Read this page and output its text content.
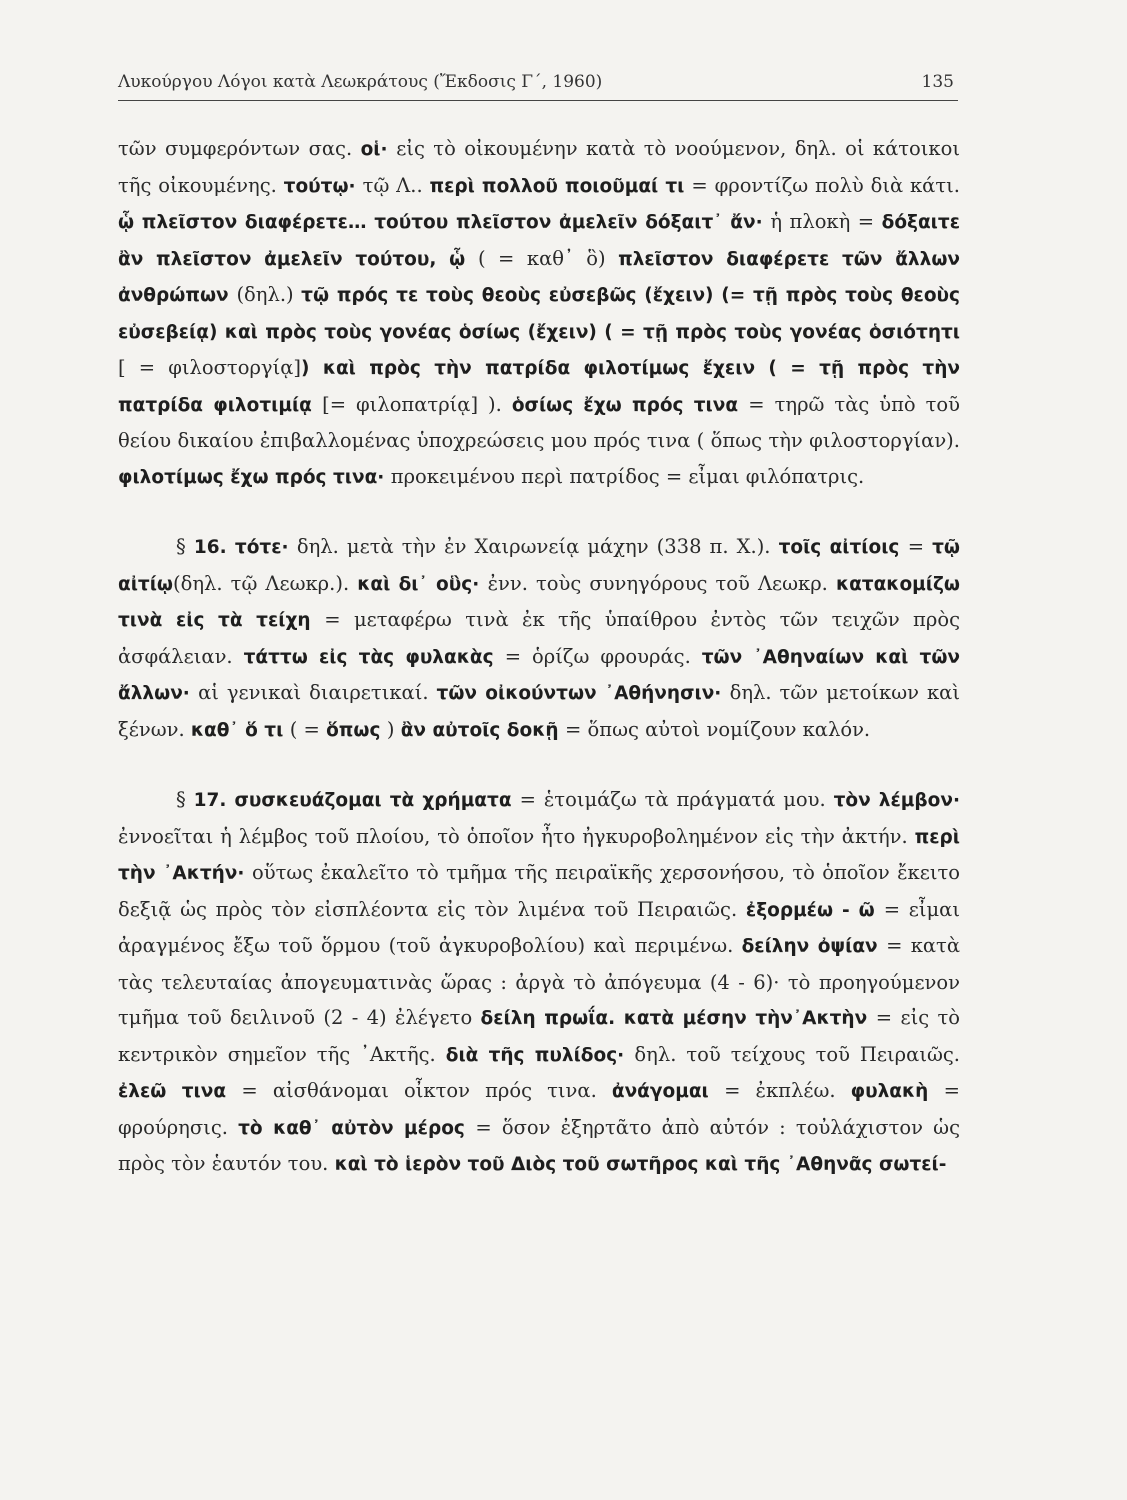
Λυκούργου Λόγοι κατὰ Λεωκράτους (Ἔκδοσις Γ΄, 1960)	135

τῶν συμφερόντων σας. οἱ· εἰς τὸ οἰκουμένην κατὰ τὸ νοούμενον, δηλ. οἱ κάτοικοι τῆς οἰκουμένης. τούτῳ· τῷ Λ.. περὶ πολλοῦ ποιοῦμαί τι = φροντίζω πολὺ διὰ κάτι. ᾧ πλεῖστον διαφέρετε… τούτου πλεῖστον ἀμελεῖν δόξαιτ᾽ ἄν· ἡ πλοκὴ = δόξαιτε ἂν πλεῖστον ἀμελεῖν τούτου, ᾧ ( = καθ᾽ ὃ) πλεῖστον διαφέρετε τῶν ἄλλων ἀνθρώπων (δηλ.) τῷ πρός τε τοὺς θεοὺς εὐσεβῶς (ἔχειν) (= τῇ πρὸς τοὺς θεοὺς εὐσεβείᾳ) καὶ πρὸς τοὺς γονέας ὁσίως (ἔχειν) ( = τῇ πρὸς τοὺς γονέας ὁσιότητι [ = φιλοστοργίᾳ]) καὶ πρὸς τὴν πατρίδα φιλοτίμως ἔχειν ( = τῇ πρὸς τὴν πατρίδα φιλοτιμίᾳ [= φιλοπατρίᾳ] ). ὁσίως ἔχω πρός τινα = τηρῶ τὰς ὑπὸ τοῦ θείου δικαίου ἐπιβαλλομένας ὑποχρεώσεις μου πρός τινα ( ὅπως τὴν φιλοστοργίαν). φιλοτίμως ἔχω πρός τινα· προκειμένου περὶ πατρίδος = εἶμαι φιλόπατρις.

§ 16. τότε· δηλ. μετὰ τὴν ἐν Χαιρωνείᾳ μάχην (338 π. Χ.). τοῖς αἰτίοις = τῷ αἰτίῳ(δηλ. τῷ Λεωκρ.). καὶ δι᾽ οὓς· ἐνν. τοὺς συνηγόρους τοῦ Λεωκρ. κατακομίζω τινὰ εἰς τὰ τείχη = μεταφέρω τινὰ ἐκ τῆς ὑπαίθρου ἐντὸς τῶν τειχῶν πρὸς ἀσφάλειαν. τάττω εἰς τὰς φυλακὰς = ὁρίζω φρουράς. τῶν ᾽Αθηναίων καὶ τῶν ἄλλων· αἱ γενικαὶ διαιρετικαί. τῶν οἰκούντων ᾽Αθήνησιν· δηλ. τῶν μετοίκων καὶ ξένων. καθ᾽ ὅ τι ( = ὅπως ) ἂν αὐτοῖς δοκῇ = ὅπως αὐτοὶ νομίζουν καλόν.

§ 17. συσκευάζομαι τὰ χρήματα = ἑτοιμάζω τὰ πράγματά μου. τὸν λέμβον· ἐννοεῖται ἡ λέμβος τοῦ πλοίου, τὸ ὁποῖον ἦτο ἠγκυροβολημένον εἰς τὴν ἀκτήν. περὶ τὴν ᾽Ακτήν· οὕτως ἐκαλεῖτο τὸ τμῆμα τῆς πειραϊκῆς χερσονήσου, τὸ ὁποῖον ἔκειτο δεξιᾷ ὡς πρὸς τὸν εἰσπλέοντα εἰς τὸν λιμένα τοῦ Πειραιῶς. ἐξορμέω - ῶ = εἶμαι ἀραγμένος ἔξω τοῦ ὅρμου (τοῦ ἀγκυροβολίου) καὶ περιμένω. δείλην ὀψίαν = κατὰ τὰς τελευταίας ἀπογευματινὰς ὥρας : ἀργὰ τὸ ἀπόγευμα (4 - 6)· τὸ προηγούμενον τμῆμα τοῦ δειλινοῦ (2 - 4) ἐλέγετο δείλη πρωΐα. κατὰ μέσην τὴν᾽Ακτὴν = εἰς τὸ κεντρικὸν σημεῖον τῆς ᾽Ακτῆς. διὰ τῆς πυλίδος· δηλ. τοῦ τείχους τοῦ Πειραιῶς. ἐλεῶ τινα = αἰσθάνομαι οἶκτον πρός τινα. ἀνάγομαι = ἐκπλέω. φυλακὴ = φρούρησις. τὸ καθ᾽ αὐτὸν μέρος = ὅσον ἐξηρτᾶτο ἀπὸ αὐτόν : τοὐλάχιστον ὡς πρὸς τὸν ἑαυτόν του. καὶ τὸ ἱερὸν τοῦ Διὸς τοῦ σωτῆρος καὶ τῆς ᾽Αθηνᾶς σωτεί-
